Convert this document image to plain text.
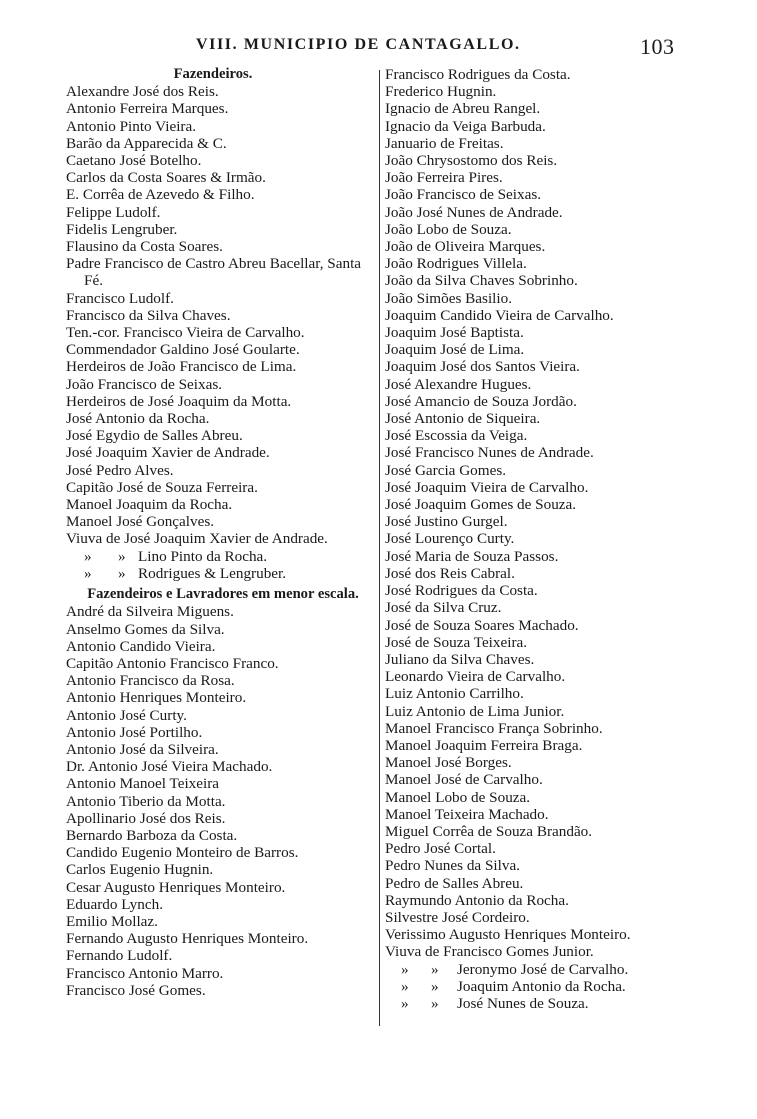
VIII. MUNICIPIO DE CANTAGALLO.	103
Fazendeiros.
Alexandre José dos Reis.
Antonio Ferreira Marques.
Antonio Pinto Vieira.
Barão da Apparecida & C.
Caetano José Botelho.
Carlos da Costa Soares & Irmão.
E. Corrêa de Azevedo & Filho.
Felippe Ludolf.
Fidelis Lengruber.
Flausino da Costa Soares.
Padre Francisco de Castro Abreu Bacellar, Santa Fé.
Francisco Ludolf.
Francisco da Silva Chaves.
Ten.-cor. Francisco Vieira de Carvalho.
Commendador Galdino José Goularte.
Herdeiros de João Francisco de Lima.
João Francisco de Seixas.
Herdeiros de José Joaquim da Motta.
José Antonio da Rocha.
José Egydio de Salles Abreu.
José Joaquim Xavier de Andrade.
José Pedro Alves.
Capitão José de Souza Ferreira.
Manoel Joaquim da Rocha.
Manoel José Gonçalves.
Viuva de José Joaquim Xavier de Andrade.
» » Lino Pinto da Rocha.
» » Rodrigues & Lengruber.
Fazendeiros e Lavradores em menor escala.
André da Silveira Miguens.
Anselmo Gomes da Silva.
Antonio Candido Vieira.
Capitão Antonio Francisco Franco.
Antonio Francisco da Rosa.
Antonio Henriques Monteiro.
Antonio José Curty.
Antonio José Portilho.
Antonio José da Silveira.
Dr. Antonio José Vieira Machado.
Antonio Manoel Teixeira
Antonio Tiberio da Motta.
Apollinario José dos Reis.
Bernardo Barboza da Costa.
Candido Eugenio Monteiro de Barros.
Carlos Eugenio Hugnin.
Cesar Augusto Henriques Monteiro.
Eduardo Lynch.
Emilio Mollaz.
Fernando Augusto Henriques Monteiro.
Fernando Ludolf.
Francisco Antonio Marro.
Francisco José Gomes.
Francisco Rodrigues da Costa.
Frederico Hugnin.
Ignacio de Abreu Rangel.
Ignacio da Veiga Barbuda.
Januario de Freitas.
João Chrysostomo dos Reis.
João Ferreira Pires.
João Francisco de Seixas.
João José Nunes de Andrade.
João Lobo de Souza.
João de Oliveira Marques.
João Rodrigues Villela.
João da Silva Chaves Sobrinho.
João Simões Basilio.
Joaquim Candido Vieira de Carvalho.
Joaquim José Baptista.
Joaquim José de Lima.
Joaquim José dos Santos Vieira.
José Alexandre Hugues.
José Amancio de Souza Jordão.
José Antonio de Siqueira.
José Escossia da Veiga.
José Francisco Nunes de Andrade.
José Garcia Gomes.
José Joaquim Vieira de Carvalho.
José Joaquim Gomes de Souza.
José Justino Gurgel.
José Lourenço Curty.
José Maria de Souza Passos.
José dos Reis Cabral.
José Rodrigues da Costa.
José da Silva Cruz.
José de Souza Soares Machado.
José de Souza Teixeira.
Juliano da Silva Chaves.
Leonardo Vieira de Carvalho.
Luiz Antonio Carrilho.
Luiz Antonio de Lima Junior.
Manoel Francisco França Sobrinho.
Manoel Joaquim Ferreira Braga.
Manoel José Borges.
Manoel José de Carvalho.
Manoel Lobo de Souza.
Manoel Teixeira Machado.
Miguel Corrêa de Souza Brandão.
Pedro José Cortal.
Pedro Nunes da Silva.
Pedro de Salles Abreu.
Raymundo Antonio da Rocha.
Silvestre José Cordeiro.
Verissimo Augusto Henriques Monteiro.
Viuva de Francisco Gomes Junior.
» » Jeronymo José de Carvalho.
» » Joaquim Antonio da Rocha.
» » José Nunes de Souza.
